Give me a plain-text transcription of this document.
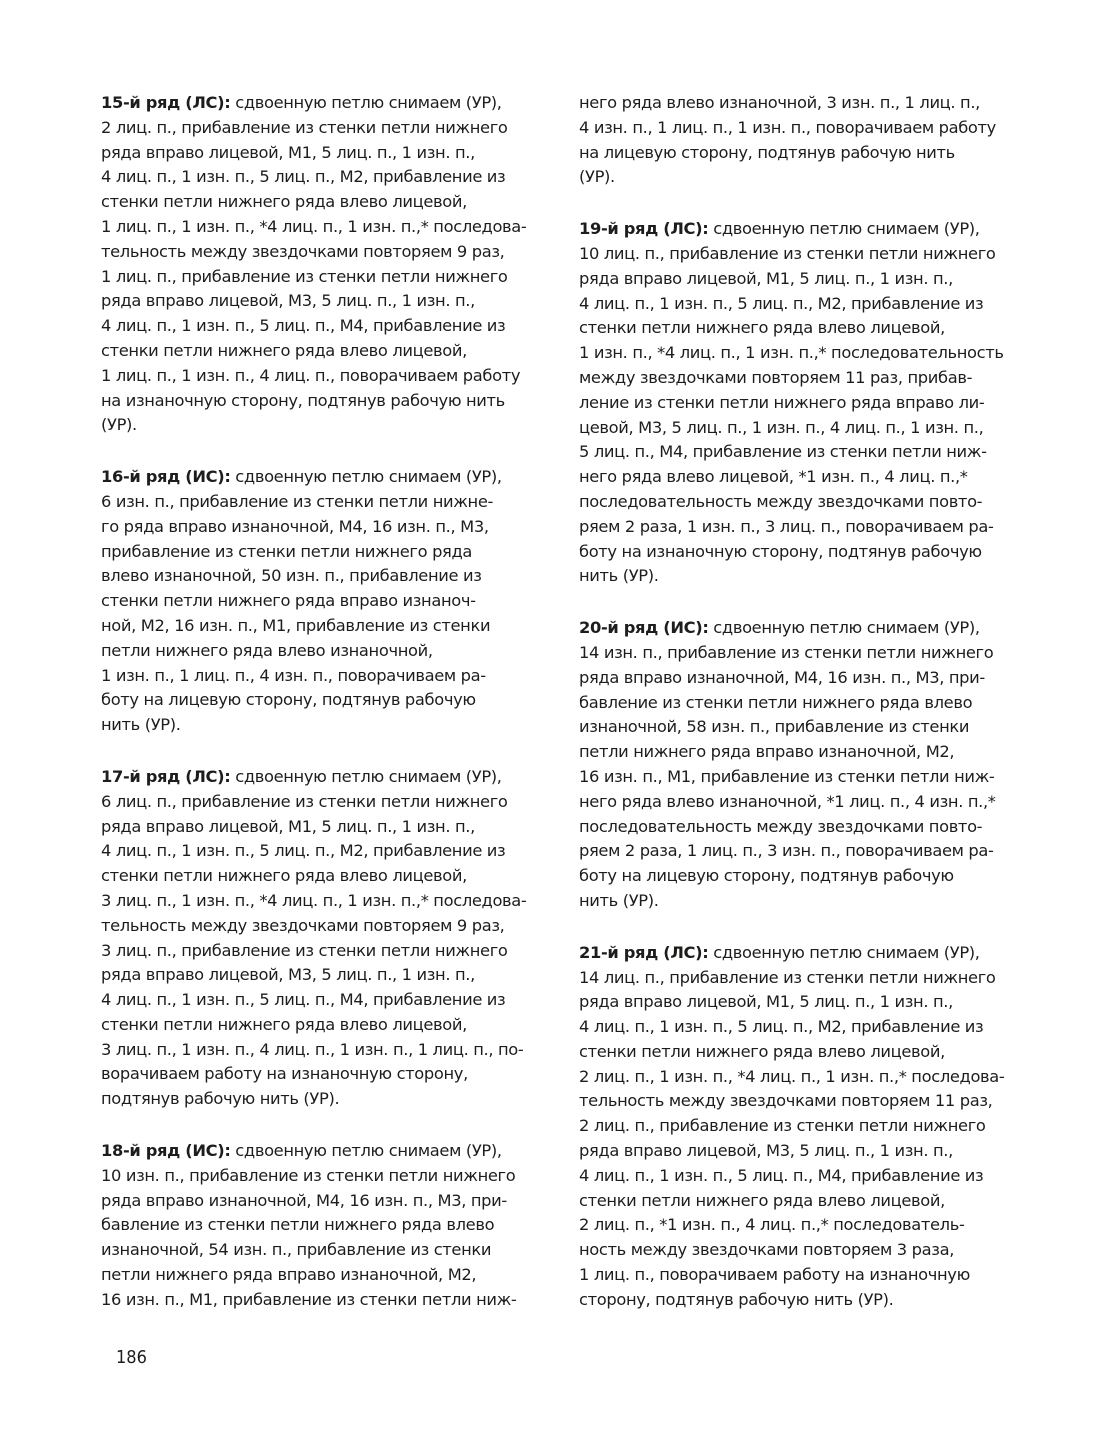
15-й ряд (ЛС): сдвоенную петлю снимаем (УР),
2 лиц. п., прибавление из стенки петли нижнего
ряда вправо лицевой, М1, 5 лиц. п., 1 изн. п.,
4 лиц. п., 1 изн. п., 5 лиц. п., М2, прибавление из
стенки петли нижнего ряда влево лицевой,
1 лиц. п., 1 изн. п., *4 лиц. п., 1 изн. п.,* последова-
тельность между звездочками повторяем 9 раз,
1 лиц. п., прибавление из стенки петли нижнего
ряда вправо лицевой, М3, 5 лиц. п., 1 изн. п.,
4 лиц. п., 1 изн. п., 5 лиц. п., М4, прибавление из
стенки петли нижнего ряда влево лицевой,
1 лиц. п., 1 изн. п., 4 лиц. п., поворачиваем работу
на изнаночную сторону, подтянув рабочую нить
(УР).
16-й ряд (ИС): сдвоенную петлю снимаем (УР),
6 изн. п., прибавление из стенки петли нижне-
го ряда вправо изнаночной, М4, 16 изн. п., М3,
прибавление из стенки петли нижнего ряда
влево изнаночной, 50 изн. п., прибавление из
стенки петли нижнего ряда вправо изнаноч-
ной, М2, 16 изн. п., М1, прибавление из стенки
петли нижнего ряда влево изнаночной,
1 изн. п., 1 лиц. п., 4 изн. п., поворачиваем ра-
боту на лицевую сторону, подтянув рабочую
нить (УР).
17-й ряд (ЛС): сдвоенную петлю снимаем (УР),
6 лиц. п., прибавление из стенки петли нижнего
ряда вправо лицевой, М1, 5 лиц. п., 1 изн. п.,
4 лиц. п., 1 изн. п., 5 лиц. п., М2, прибавление из
стенки петли нижнего ряда влево лицевой,
3 лиц. п., 1 изн. п., *4 лиц. п., 1 изн. п.,* последова-
тельность между звездочками повторяем 9 раз,
3 лиц. п., прибавление из стенки петли нижнего
ряда вправо лицевой, М3, 5 лиц. п., 1 изн. п.,
4 лиц. п., 1 изн. п., 5 лиц. п., М4, прибавление из
стенки петли нижнего ряда влево лицевой,
3 лиц. п., 1 изн. п., 4 лиц. п., 1 изн. п., 1 лиц. п., по-
ворачиваем работу на изнаночную сторону,
подтянув рабочую нить (УР).
18-й ряд (ИС): сдвоенную петлю снимаем (УР),
10 изн. п., прибавление из стенки петли нижнего
ряда вправо изнаночной, М4, 16 изн. п., М3, при-
бавление из стенки петли нижнего ряда влево
изнаночной, 54 изн. п., прибавление из стенки
петли нижнего ряда вправо изнаночной, М2,
16 изн. п., М1, прибавление из стенки петли ниж-
него ряда влево изнаночной, 3 изн. п., 1 лиц. п.,
4 изн. п., 1 лиц. п., 1 изн. п., поворачиваем работу
на лицевую сторону, подтянув рабочую нить
(УР).
19-й ряд (ЛС): сдвоенную петлю снимаем (УР),
10 лиц. п., прибавление из стенки петли нижнего
ряда вправо лицевой, М1, 5 лиц. п., 1 изн. п.,
4 лиц. п., 1 изн. п., 5 лиц. п., М2, прибавление из
стенки петли нижнего ряда влево лицевой,
1 изн. п., *4 лиц. п., 1 изн. п.,* последовательность
между звездочками повторяем 11 раз, прибав-
ление из стенки петли нижнего ряда вправо ли-
цевой, М3, 5 лиц. п., 1 изн. п., 4 лиц. п., 1 изн. п.,
5 лиц. п., М4, прибавление из стенки петли ниж-
него ряда влево лицевой, *1 изн. п., 4 лиц. п.,*
последовательность между звездочками повто-
ряем 2 раза, 1 изн. п., 3 лиц. п., поворачиваем ра-
боту на изнаночную сторону, подтянув рабочую
нить (УР).
20-й ряд (ИС): сдвоенную петлю снимаем (УР),
14 изн. п., прибавление из стенки петли нижнего
ряда вправо изнаночной, М4, 16 изн. п., М3, при-
бавление из стенки петли нижнего ряда влево
изнаночной, 58 изн. п., прибавление из стенки
петли нижнего ряда вправо изнаночной, М2,
16 изн. п., М1, прибавление из стенки петли ниж-
него ряда влево изнаночной, *1 лиц. п., 4 изн. п.,*
последовательность между звездочками повто-
ряем 2 раза, 1 лиц. п., 3 изн. п., поворачиваем ра-
боту на лицевую сторону, подтянув рабочую
нить (УР).
21-й ряд (ЛС): сдвоенную петлю снимаем (УР),
14 лиц. п., прибавление из стенки петли нижнего
ряда вправо лицевой, М1, 5 лиц. п., 1 изн. п.,
4 лиц. п., 1 изн. п., 5 лиц. п., М2, прибавление из
стенки петли нижнего ряда влево лицевой,
2 лиц. п., 1 изн. п., *4 лиц. п., 1 изн. п.,* последова-
тельность между звездочками повторяем 11 раз,
2 лиц. п., прибавление из стенки петли нижнего
ряда вправо лицевой, М3, 5 лиц. п., 1 изн. п.,
4 лиц. п., 1 изн. п., 5 лиц. п., М4, прибавление из
стенки петли нижнего ряда влево лицевой,
2 лиц. п., *1 изн. п., 4 лиц. п.,* последователь-
ность между звездочками повторяем 3 раза,
1 лиц. п., поворачиваем работу на изнаночную
сторону, подтянув рабочую нить (УР).
186
